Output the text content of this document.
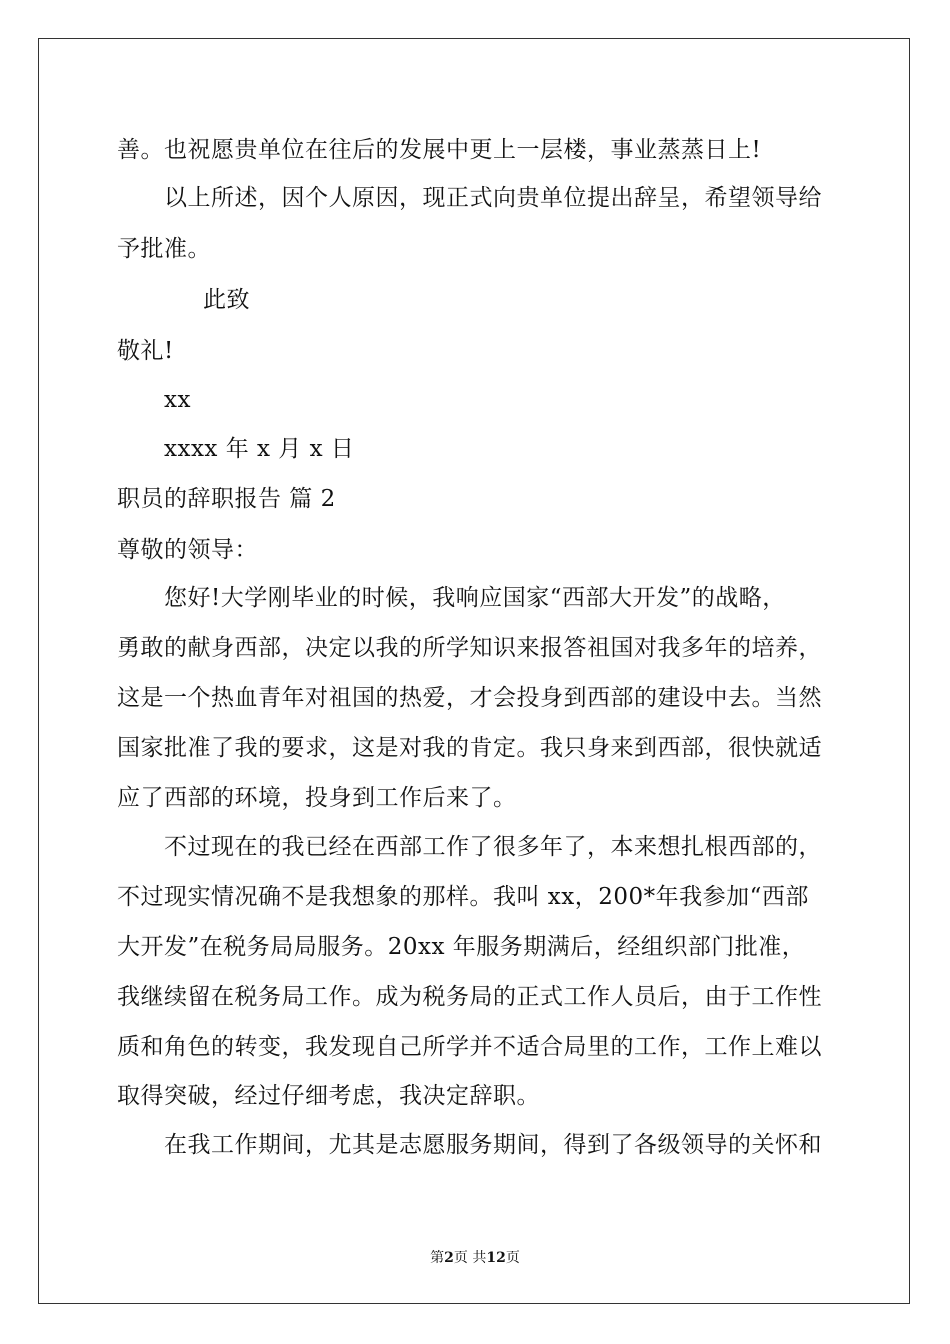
善。也祝愿贵单位在往后的发展中更上一层楼，事业蒸蒸日上!
以上所述，因个人原因，现正式向贵单位提出辞呈，希望领导给
予批准。
此致
敬礼!
xx
xxxx 年 x 月 x 日
职员的辞职报告 篇 2
尊敬的领导：
您好!大学刚毕业的时候，我响应国家“西部大开发”的战略，
勇敢的献身西部，决定以我的所学知识来报答祖国对我多年的培养，
这是一个热血青年对祖国的热爱，才会投身到西部的建设中去。当然
国家批准了我的要求，这是对我的肯定。我只身来到西部，很快就适
应了西部的环境，投身到工作后来了。
不过现在的我已经在西部工作了很多年了，本来想扎根西部的，
不过现实情况确不是我想象的那样。我叫 xx，200*年我参加“西部
大开发”在税务局局服务。20xx 年服务期满后，经组织部门批准，
我继续留在税务局工作。成为税务局的正式工作人员后，由于工作性
质和角色的转变，我发现自己所学并不适合局里的工作，工作上难以
取得突破，经过仔细考虑，我决定辞职。
在我工作期间，尤其是志愿服务期间，得到了各级领导的关怀和
第2页 共12页
